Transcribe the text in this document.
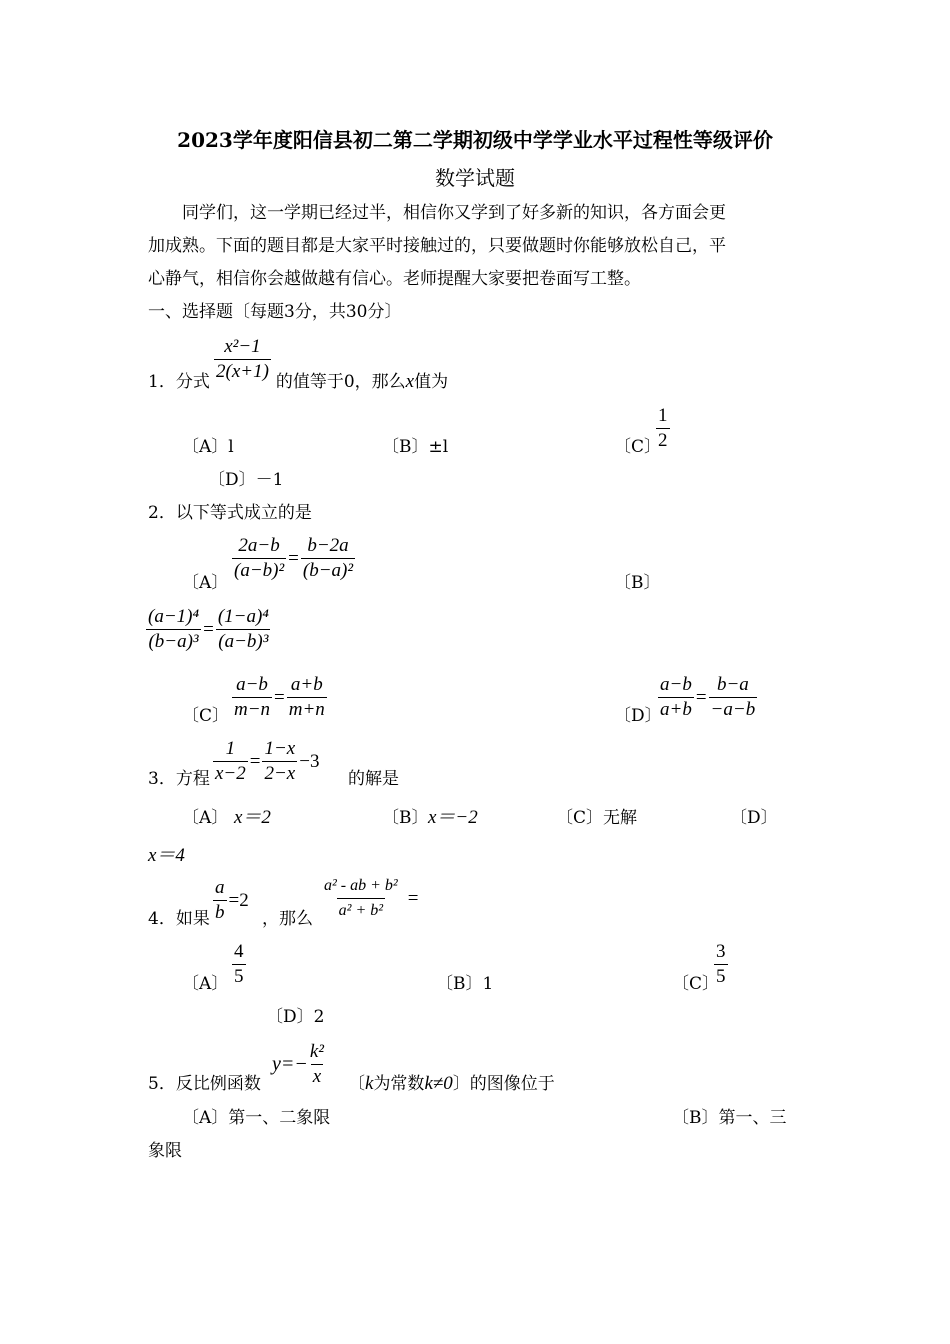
2023学年度阳信县初二第二学期初级中学学业水平过程性等级评价
数学试题
同学们，这一学期已经过半，相信你又学到了好多新的知识，各方面会更
加成熟。下面的题目都是大家平时接触过的，只要做题时你能够放松自己，平
心静气，相信你会越做越有信心。老师提醒大家要把卷面写工整。
一、选择题〔每题3分，共30分〕
$\frac{\text{x²−1}}{2(x+1)}$
1．分式	的值等于0，那么x值为
〔A〕l	〔B〕±l	〔C〕
$\frac{1}{2}$
〔D〕－1
2．以下等式成立的是
〔A〕 $\frac{2a-b}{\text{(a−b)²}} = \frac{b-2a}{\text{(b−a)²}}$	〔B〕
$\frac{\text{(a−1)⁴}}{\text{(b−a)³}} = \frac{\text{(1−a)⁴}}{\text{(a−b)³}}$
〔C〕 $\frac{a-b}{m-n} = \frac{a+b}{m+n}$	〔D〕
$\frac{a-b}{a+b} = \frac{b-a}{-a-b}$
3．方程 $\frac{1}{x-2} = \frac{1-x}{2-x} -3$
的解是
〔A〕 x＝2	〔B〕 x＝−2	〔C〕无解	〔D〕
x＝4
4．如果 $\frac{a}{b} =2$
，那么 $\frac{\text{a² - ab + b²}}{\text{a² + b²}}$ =
〔A〕 $\frac{4}{5}$	〔B〕1	〔C〕
$\frac{3}{5}$
〔D〕2
5．反比例函数
$y=- \frac{\text{k²}}{x}$ 〔k为常数k≠0〕的图像位于
〔A〕第一、二象限	〔B〕第一、三
象限
